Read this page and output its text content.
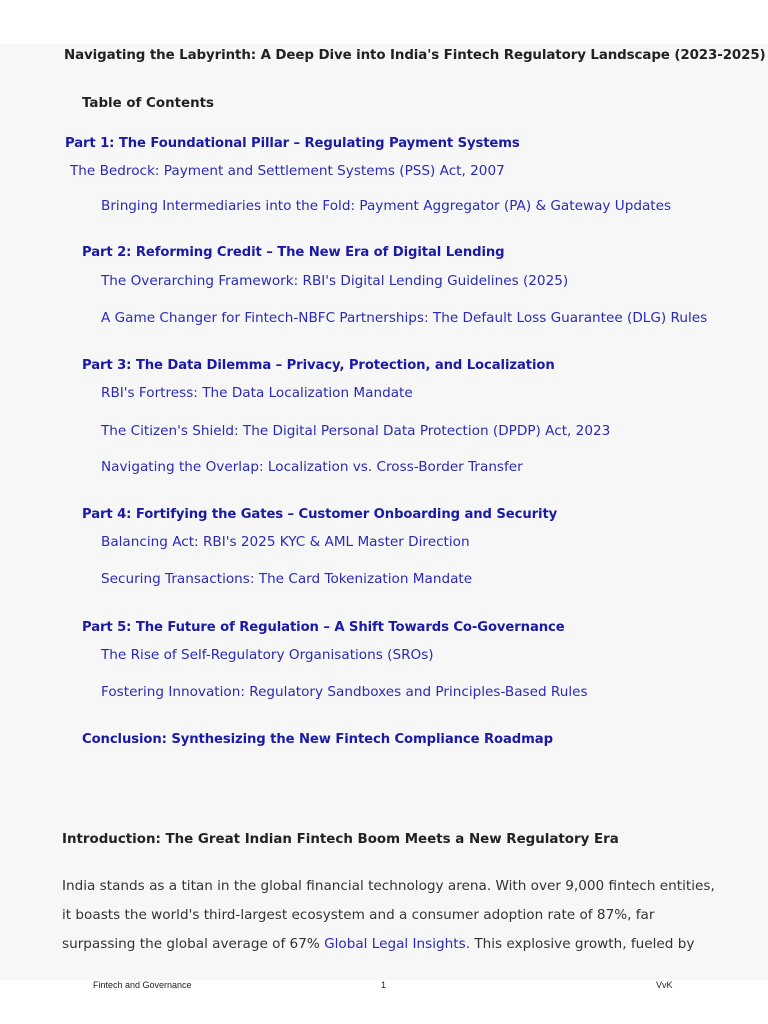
Navigating the Labyrinth: A Deep Dive into India's Fintech Regulatory Landscape (2023-2025)
Table of Contents
Part 1: The Foundational Pillar – Regulating Payment Systems
The Bedrock: Payment and Settlement Systems (PSS) Act, 2007
Bringing Intermediaries into the Fold: Payment Aggregator (PA) & Gateway Updates
Part 2: Reforming Credit – The New Era of Digital Lending
The Overarching Framework: RBI's Digital Lending Guidelines (2025)
A Game Changer for Fintech-NBFC Partnerships: The Default Loss Guarantee (DLG) Rules
Part 3: The Data Dilemma – Privacy, Protection, and Localization
RBI's Fortress: The Data Localization Mandate
The Citizen's Shield: The Digital Personal Data Protection (DPDP) Act, 2023
Navigating the Overlap: Localization vs. Cross-Border Transfer
Part 4: Fortifying the Gates – Customer Onboarding and Security
Balancing Act: RBI's 2025 KYC & AML Master Direction
Securing Transactions: The Card Tokenization Mandate
Part 5: The Future of Regulation – A Shift Towards Co-Governance
The Rise of Self-Regulatory Organisations (SROs)
Fostering Innovation: Regulatory Sandboxes and Principles-Based Rules
Conclusion: Synthesizing the New Fintech Compliance Roadmap
Introduction: The Great Indian Fintech Boom Meets a New Regulatory Era
India stands as a titan in the global financial technology arena. With over 9,000 fintech entities,
it boasts the world's third-largest ecosystem and a consumer adoption rate of 87%, far
surpassing the global average of 67% Global Legal Insights. This explosive growth, fueled by
Fintech and Governance	1	VvK
